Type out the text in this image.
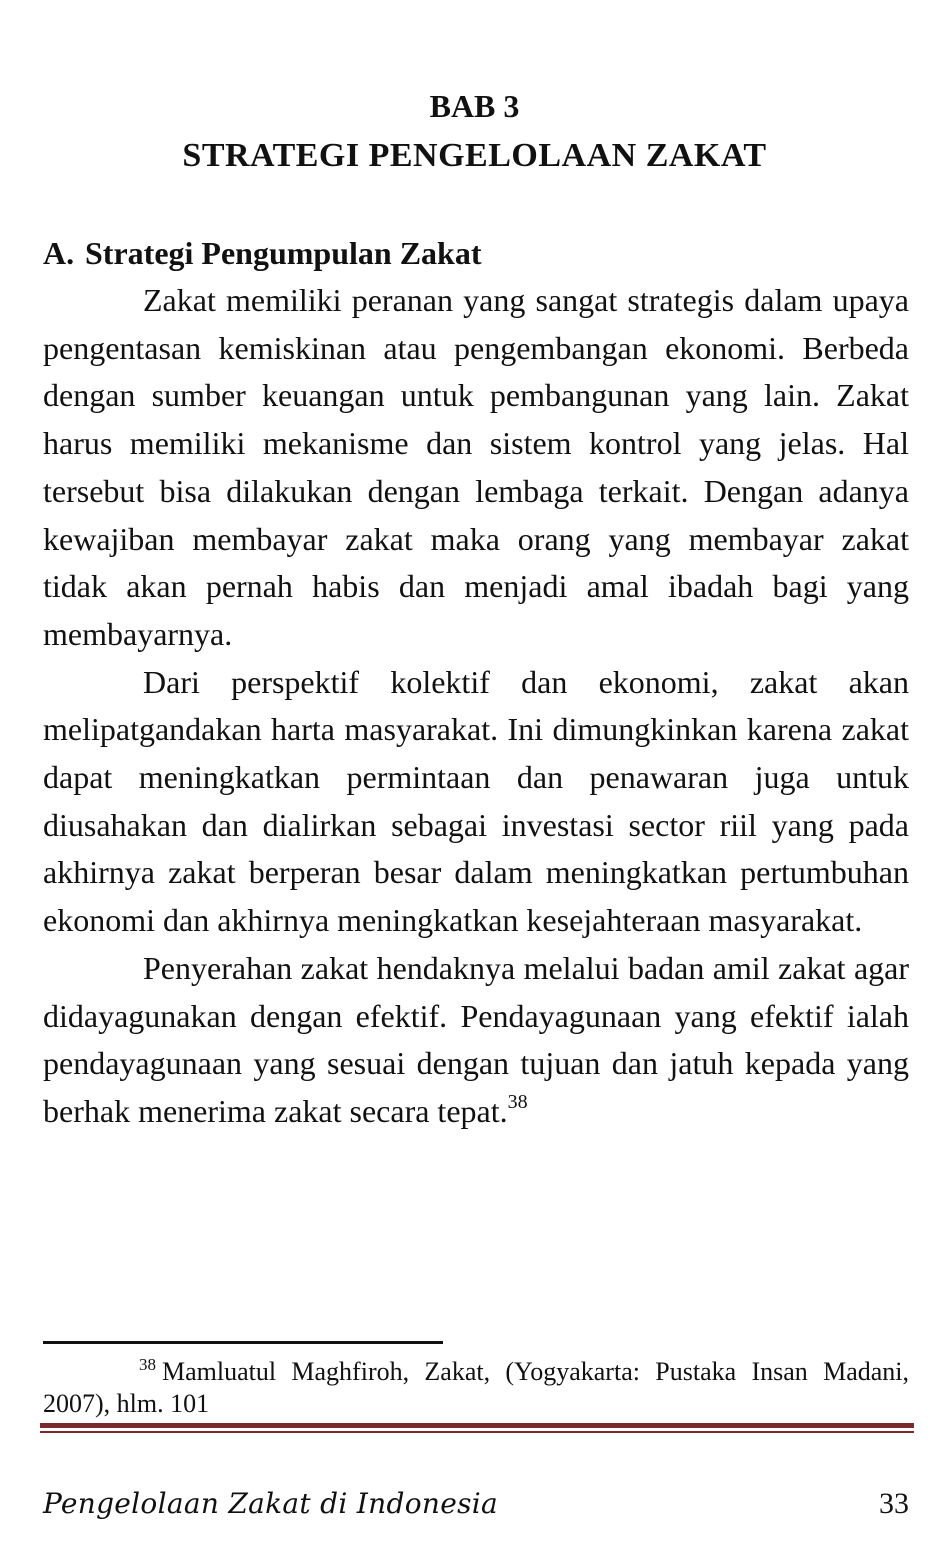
BAB 3
STRATEGI PENGELOLAAN ZAKAT
A. Strategi Pengumpulan Zakat

Zakat memiliki peranan yang sangat strategis dalam upaya pengentasan kemiskinan atau pengembangan ekonomi. Berbeda dengan sumber keuangan untuk pembangunan yang lain. Zakat harus memiliki mekanisme dan sistem kontrol yang jelas. Hal tersebut bisa dilakukan dengan lembaga terkait. Dengan adanya kewajiban membayar zakat maka orang yang membayar zakat tidak akan pernah habis dan menjadi amal ibadah bagi yang membayarnya.

Dari perspektif kolektif dan ekonomi, zakat akan melipatgandakan harta masyarakat. Ini dimungkinkan karena zakat dapat meningkatkan permintaan dan penawaran juga untuk diusahakan dan dialirkan sebagai investasi sector riil yang pada akhirnya zakat berperan besar dalam meningkatkan pertumbuhan ekonomi dan akhirnya meningkatkan kesejahteraan masyarakat.

Penyerahan zakat hendaknya melalui badan amil zakat agar didayagunakan dengan efektif. Pendayagunaan yang efektif ialah pendayagunaan yang sesuai dengan tujuan dan jatuh kepada yang berhak menerima zakat secara tepat.$^{38}$

$^{38}$ Mamluatul Maghfiroh, Zakat, (Yogyakarta: Pustaka Insan Madani, 2007), hlm. 101

Pengelolaan Zakat di Indonesia	33
